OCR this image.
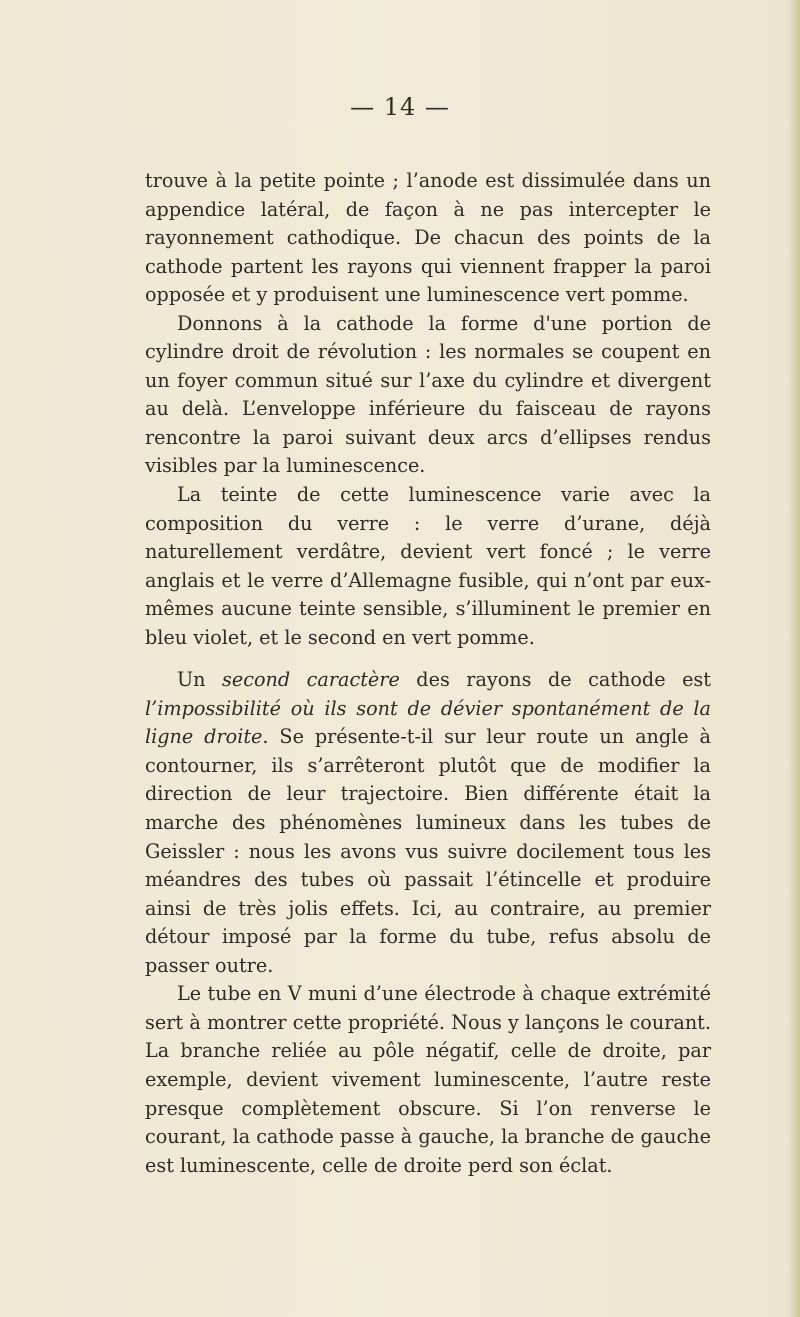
— 14 —

trouve à la petite pointe ; l’anode est dissimulée dans un appendice latéral, de façon à ne pas intercepter le rayonnement cathodique. De chacun des points de la cathode partent les rayons qui viennent frapper la paroi opposée et y produisent une luminescence vert pomme.

Donnons à la cathode la forme d'une portion de cylindre droit de révolution : les normales se coupent en un foyer commun situé sur l’axe du cylindre et divergent au delà. L’enveloppe inférieure du faisceau de rayons rencontre la paroi suivant deux arcs d’ellipses rendus visibles par la luminescence.

La teinte de cette luminescence varie avec la composition du verre : le verre d’urane, déjà naturellement verdâtre, devient vert foncé ; le verre anglais et le verre d’Allemagne fusible, qui n’ont par eux-mêmes aucune teinte sensible, s’illuminent le premier en bleu violet, et le second en vert pomme.

Un second caractère des rayons de cathode est l’impossibilité où ils sont de dévier spontanément de la ligne droite. Se présente-t-il sur leur route un angle à contourner, ils s’arrêteront plutôt que de modifier la direction de leur trajectoire. Bien différente était la marche des phénomènes lumineux dans les tubes de Geissler : nous les avons vus suivre docilement tous les méandres des tubes où passait l’étincelle et produire ainsi de très jolis effets. Ici, au contraire, au premier détour imposé par la forme du tube, refus absolu de passer outre.

Le tube en V muni d’une électrode à chaque extrémité sert à montrer cette propriété. Nous y lançons le courant. La branche reliée au pôle négatif, celle de droite, par exemple, devient vivement luminescente, l’autre reste presque complètement obscure. Si l’on renverse le courant, la cathode passe à gauche, la branche de gauche est luminescente, celle de droite perd son éclat.
